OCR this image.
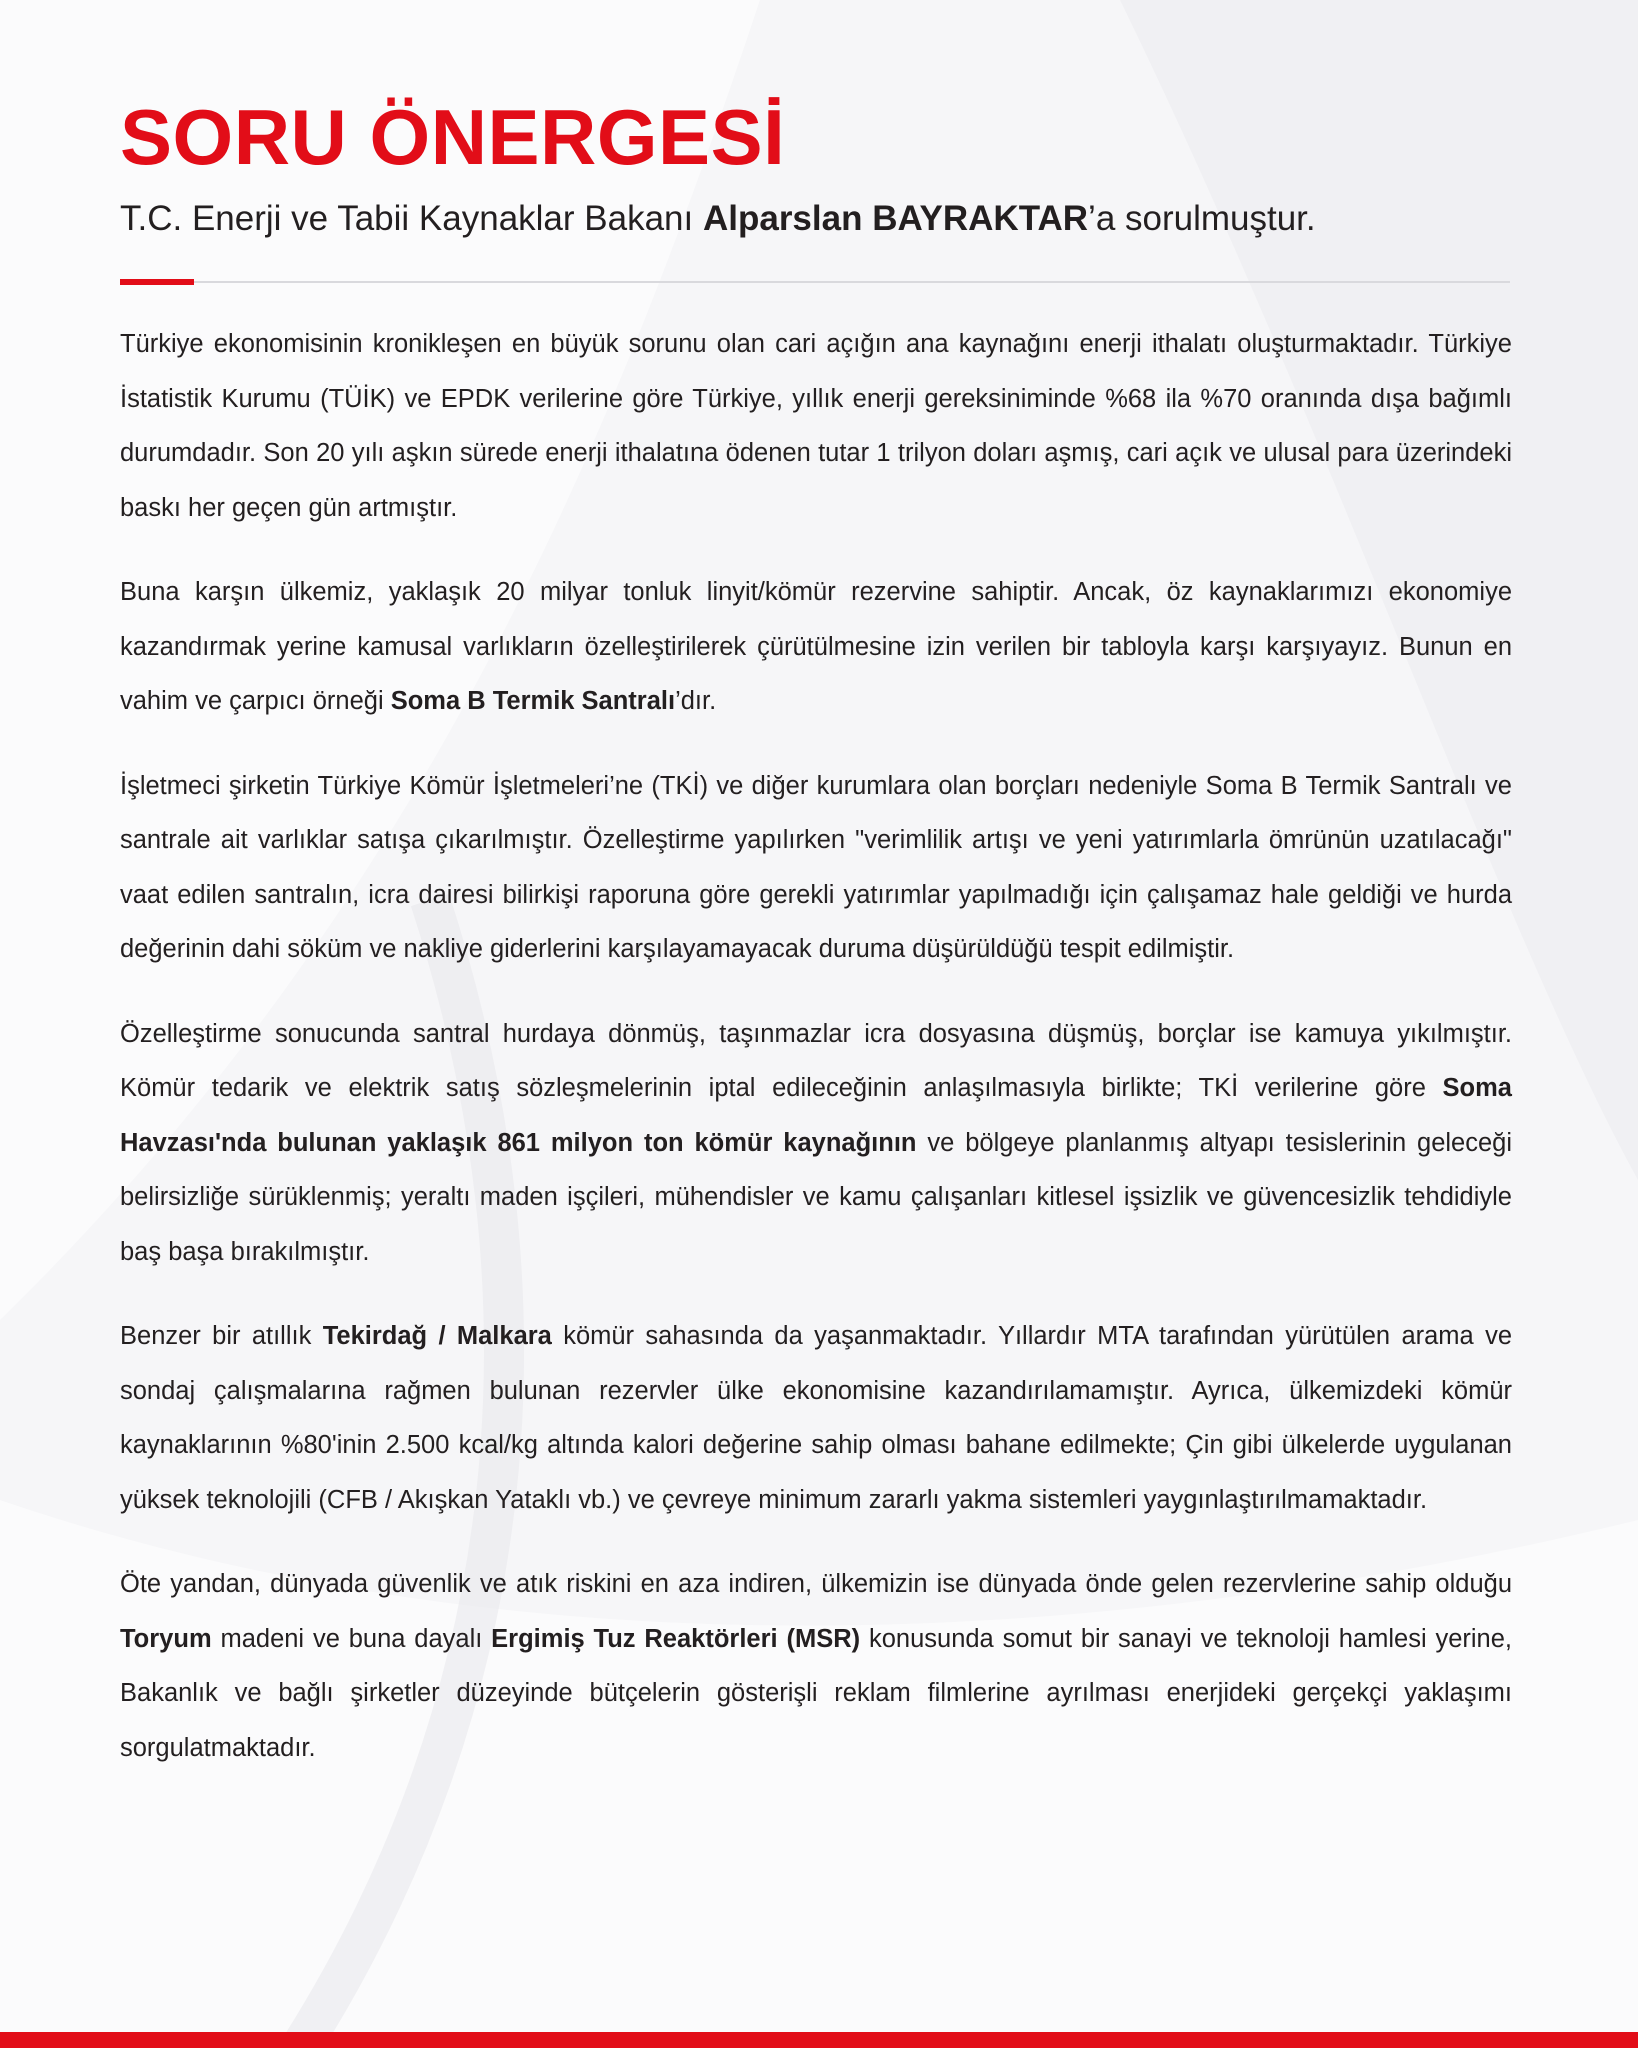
SORU ÖNERGESİ

T.C. Enerji ve Tabii Kaynaklar Bakanı Alparslan BAYRAKTAR’a sorulmuştur.

Türkiye ekonomisinin kronikleşen en büyük sorunu olan cari açığın ana kaynağını enerji ithalatı oluşturmaktadır. Türkiye İstatistik Kurumu (TÜİK) ve EPDK verilerine göre Türkiye, yıllık enerji gereksiniminde %68 ila %70 oranında dışa bağımlı durumdadır. Son 20 yılı aşkın sürede enerji ithalatına ödenen tutar 1 trilyon doları aşmış, cari açık ve ulusal para üzerindeki baskı her geçen gün artmıştır.

Buna karşın ülkemiz, yaklaşık 20 milyar tonluk linyit/kömür rezervine sahiptir. Ancak, öz kaynaklarımızı ekonomiye kazandırmak yerine kamusal varlıkların özelleştirilerek çürütülmesine izin verilen bir tabloyla karşı karşıyayız. Bunun en vahim ve çarpıcı örneği Soma B Termik Santralı’dır.

İşletmeci şirketin Türkiye Kömür İşletmeleri’ne (TKİ) ve diğer kurumlara olan borçları nedeniyle Soma B Termik Santralı ve santrale ait varlıklar satışa çıkarılmıştır. Özelleştirme yapılırken "verimlilik artışı ve yeni yatırımlarla ömrünün uzatılacağı" vaat edilen santralın, icra dairesi bilirkişi raporuna göre gerekli yatırımlar yapılmadığı için çalışamaz hale geldiği ve hurda değerinin dahi söküm ve nakliye giderlerini karşılayamayacak duruma düşürüldüğü tespit edilmiştir.

Özelleştirme sonucunda santral hurdaya dönmüş, taşınmazlar icra dosyasına düşmüş, borçlar ise kamuya yıkılmıştır. Kömür tedarik ve elektrik satış sözleşmelerinin iptal edileceğinin anlaşılmasıyla birlikte; TKİ verilerine göre Soma Havzası'nda bulunan yaklaşık 861 milyon ton kömür kaynağının ve bölgeye planlanmış altyapı tesislerinin geleceği belirsizliğe sürüklenmiş; yeraltı maden işçileri, mühendisler ve kamu çalışanları kitlesel işsizlik ve güvencesizlik tehdidiyle baş başa bırakılmıştır.

Benzer bir atıllık Tekirdağ / Malkara kömür sahasında da yaşanmaktadır. Yıllardır MTA tarafından yürütülen arama ve sondaj çalışmalarına rağmen bulunan rezervler ülke ekonomisine kazandırılamamıştır. Ayrıca, ülkemizdeki kömür kaynaklarının %80'inin 2.500 kcal/kg altında kalori değerine sahip olması bahane edilmekte; Çin gibi ülkelerde uygulanan yüksek teknolojili (CFB / Akışkan Yataklı vb.) ve çevreye minimum zararlı yakma sistemleri yaygınlaştırılmamaktadır.

Öte yandan, dünyada güvenlik ve atık riskini en aza indiren, ülkemizin ise dünyada önde gelen rezervlerine sahip olduğu Toryum madeni ve buna dayalı Ergimiş Tuz Reaktörleri (MSR) konusunda somut bir sanayi ve teknoloji hamlesi yerine, Bakanlık ve bağlı şirketler düzeyinde bütçelerin gösterişli reklam filmlerine ayrılması enerjideki gerçekçi yaklaşımı sorgulatmaktadır.
